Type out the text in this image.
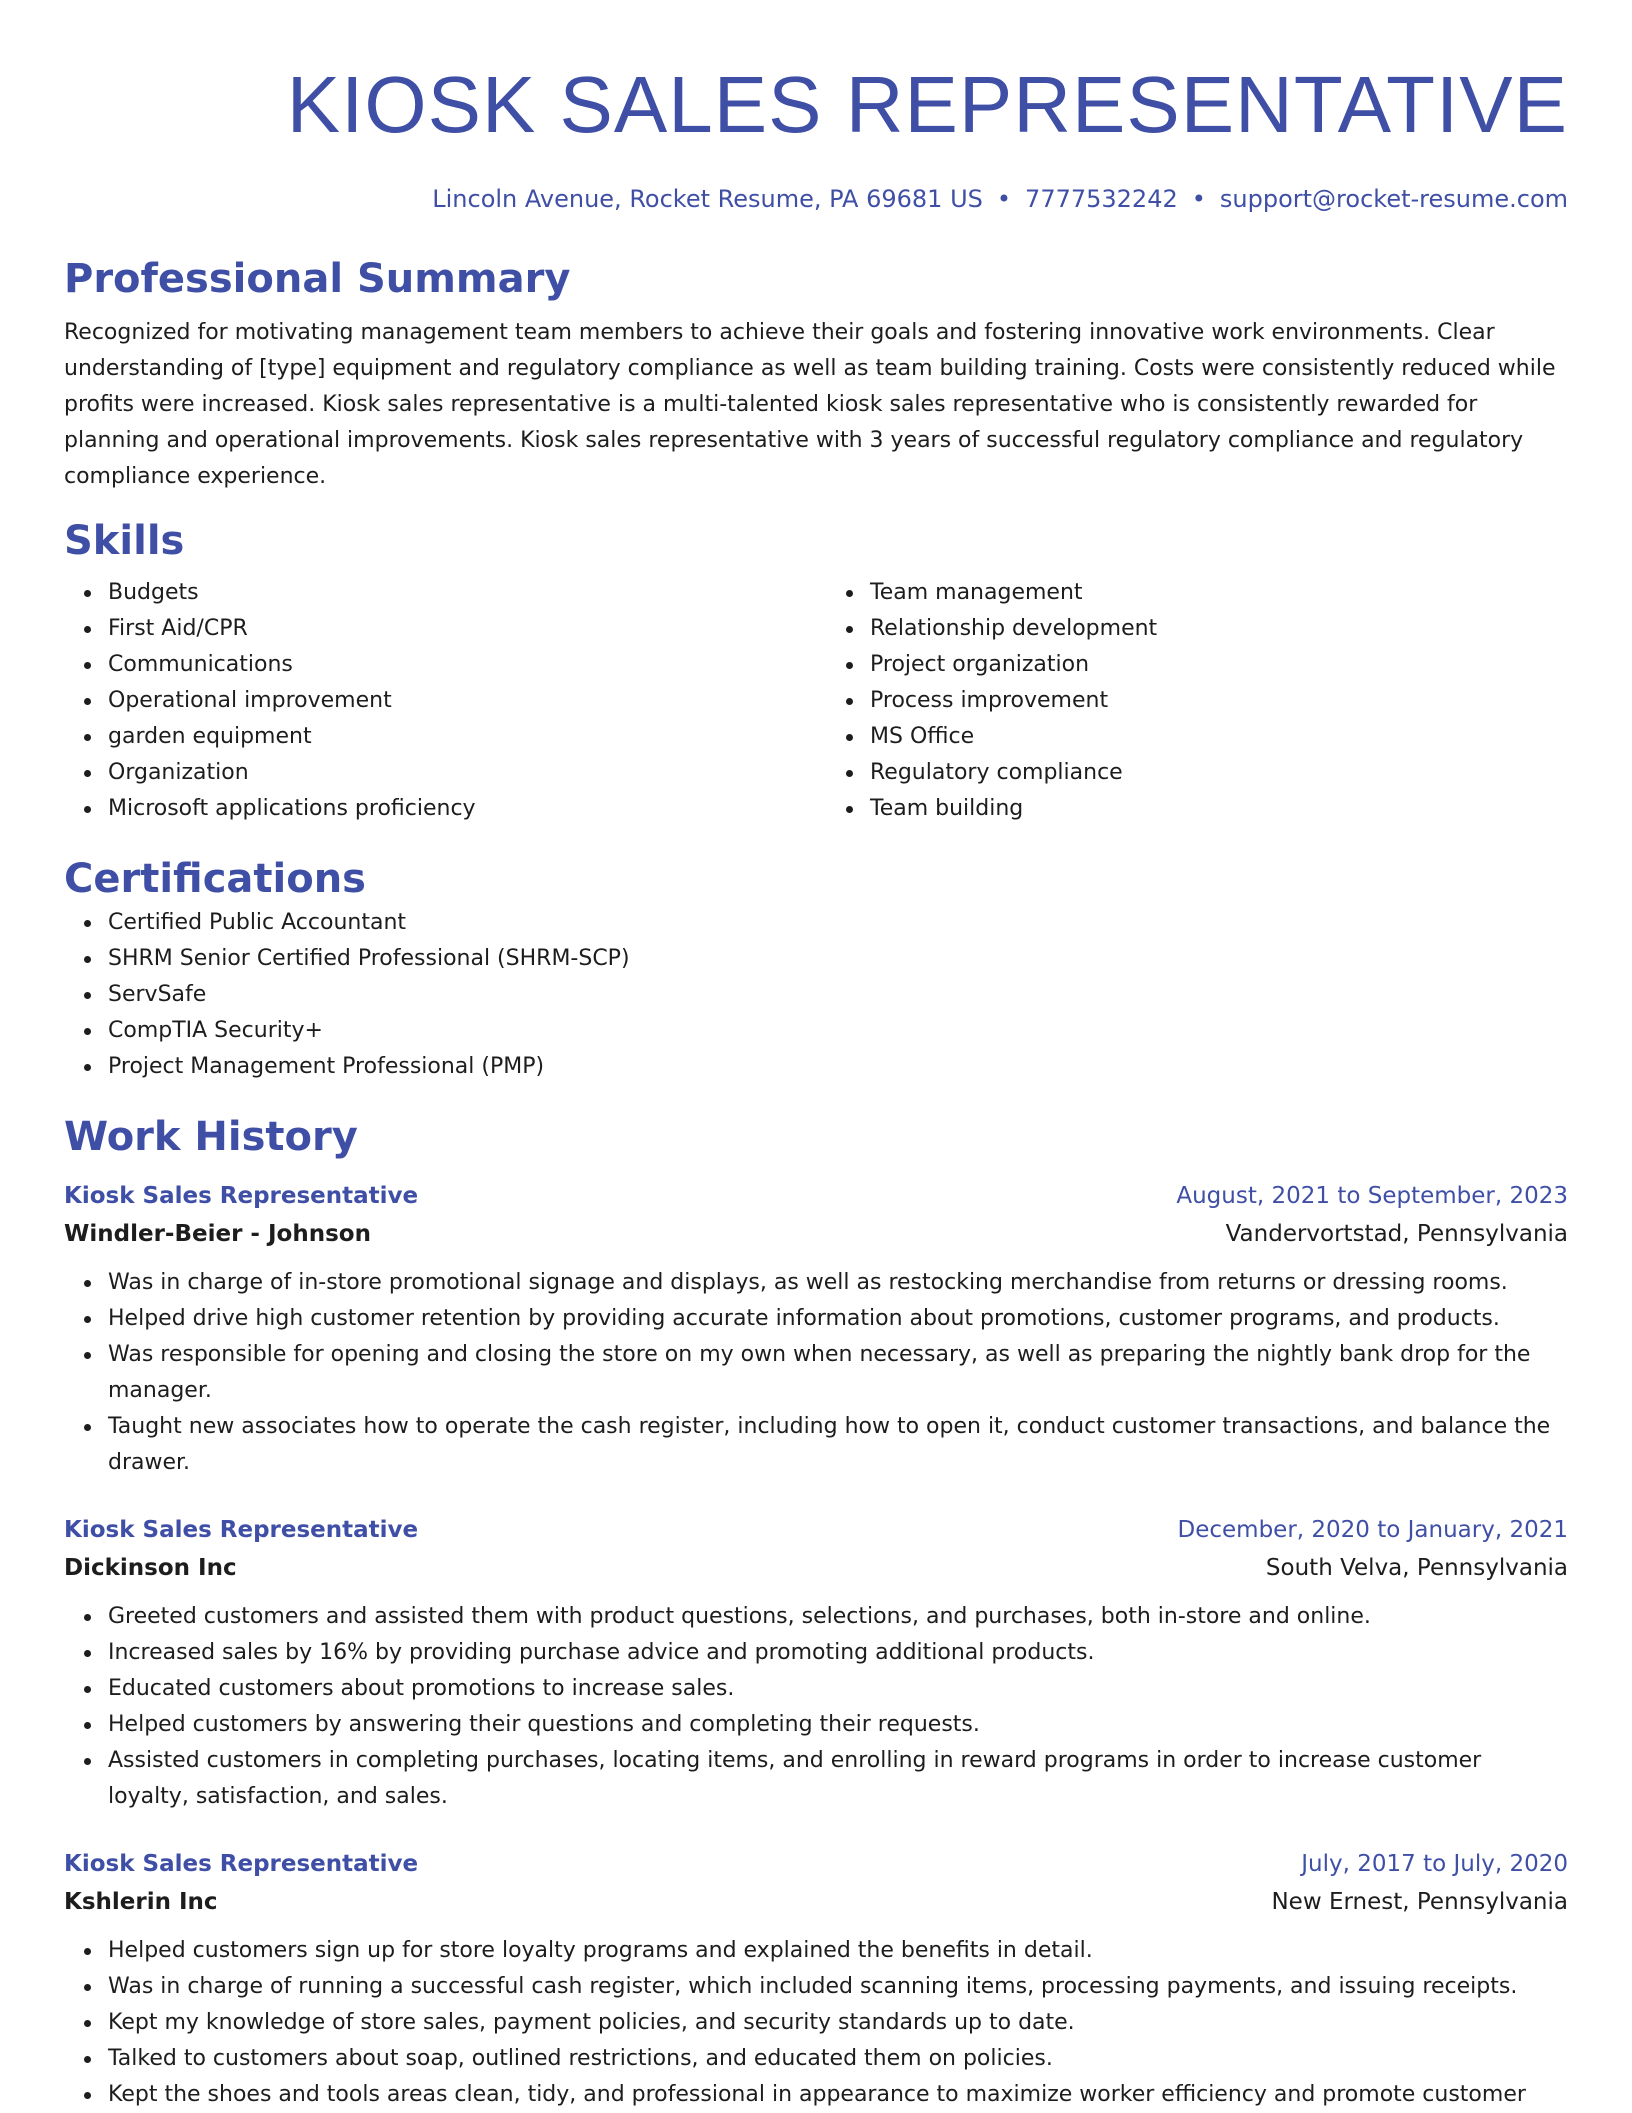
KIOSK SALES REPRESENTATIVE
Lincoln Avenue, Rocket Resume, PA 69681 US • 7777532242 • support@rocket-resume.com
Professional Summary
Recognized for motivating management team members to achieve their goals and fostering innovative work environments. Clear understanding of [type] equipment and regulatory compliance as well as team building training. Costs were consistently reduced while profits were increased. Kiosk sales representative is a multi-talented kiosk sales representative who is consistently rewarded for planning and operational improvements. Kiosk sales representative with 3 years of successful regulatory compliance and regulatory compliance experience.
Skills
Budgets
First Aid/CPR
Communications
Operational improvement
garden equipment
Organization
Microsoft applications proficiency
Team management
Relationship development
Project organization
Process improvement
MS Office
Regulatory compliance
Team building
Certifications
Certified Public Accountant
SHRM Senior Certified Professional (SHRM-SCP)
ServSafe
CompTIA Security+
Project Management Professional (PMP)
Work History
Kiosk Sales Representative	August, 2021 to September, 2023
Windler-Beier - Johnson	Vandervortstad, Pennsylvania
Was in charge of in-store promotional signage and displays, as well as restocking merchandise from returns or dressing rooms.
Helped drive high customer retention by providing accurate information about promotions, customer programs, and products.
Was responsible for opening and closing the store on my own when necessary, as well as preparing the nightly bank drop for the manager.
Taught new associates how to operate the cash register, including how to open it, conduct customer transactions, and balance the drawer.
Kiosk Sales Representative	December, 2020 to January, 2021
Dickinson Inc	South Velva, Pennsylvania
Greeted customers and assisted them with product questions, selections, and purchases, both in-store and online.
Increased sales by 16% by providing purchase advice and promoting additional products.
Educated customers about promotions to increase sales.
Helped customers by answering their questions and completing their requests.
Assisted customers in completing purchases, locating items, and enrolling in reward programs in order to increase customer loyalty, satisfaction, and sales.
Kiosk Sales Representative	July, 2017 to July, 2020
Kshlerin Inc	New Ernest, Pennsylvania
Helped customers sign up for store loyalty programs and explained the benefits in detail.
Was in charge of running a successful cash register, which included scanning items, processing payments, and issuing receipts.
Kept my knowledge of store sales, payment policies, and security standards up to date.
Talked to customers about soap, outlined restrictions, and educated them on policies.
Kept the shoes and tools areas clean, tidy, and professional in appearance to maximize worker efficiency and promote customer
